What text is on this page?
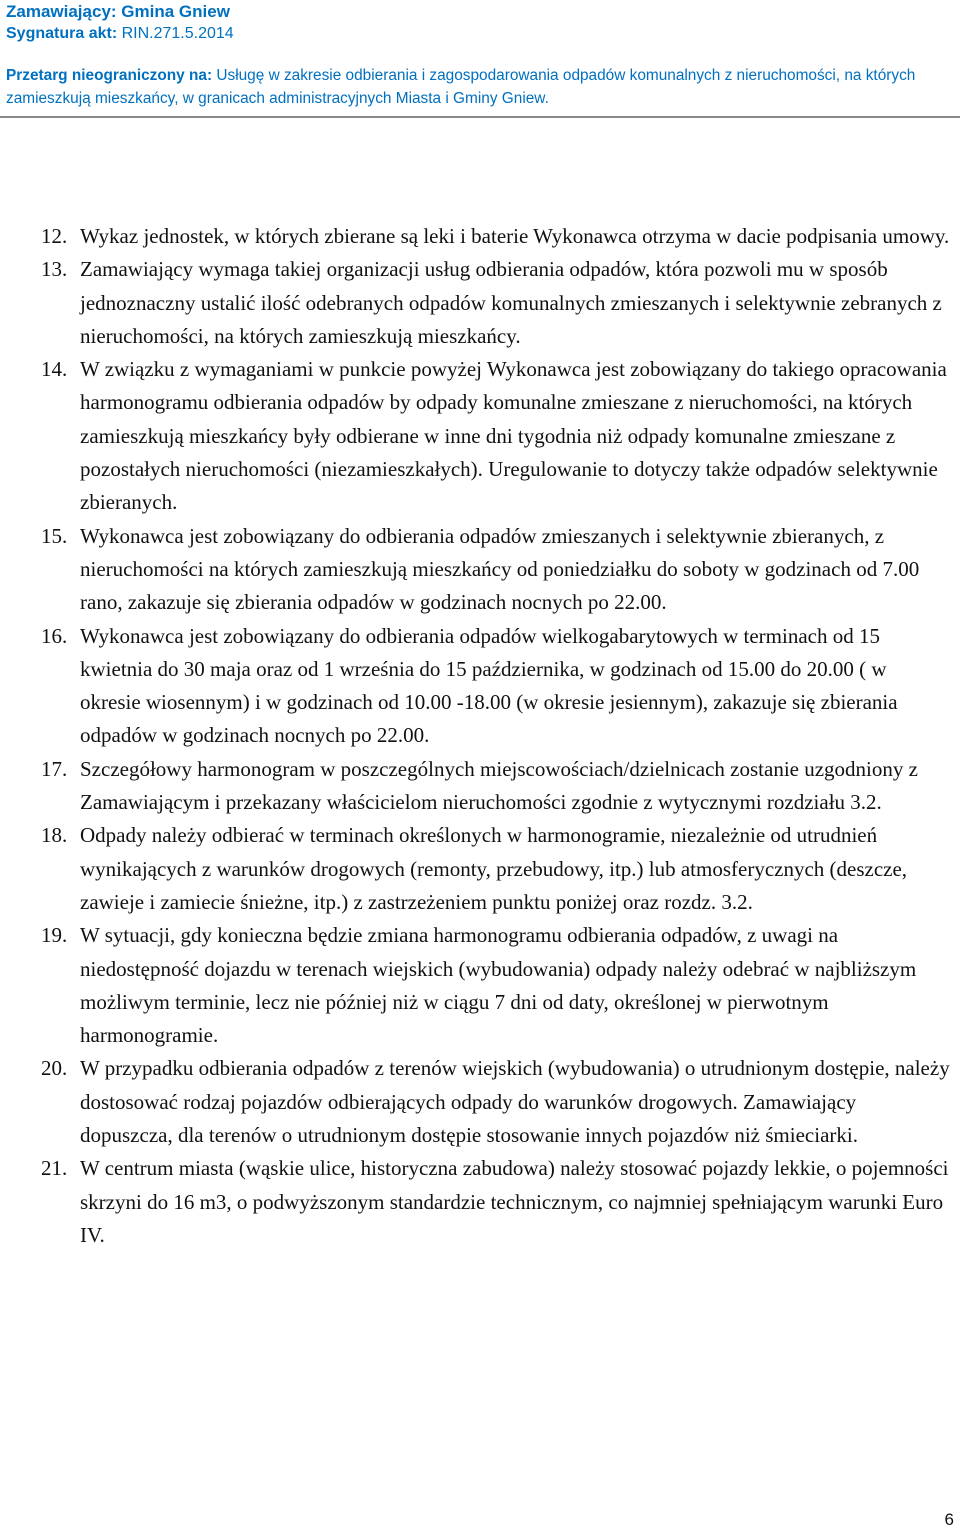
Zamawiający: Gmina Gniew
Sygnatura akt: RIN.271.5.2014
Przetarg nieograniczony na: Usługę w zakresie odbierania i zagospodarowania odpadów komunalnych z nieruchomości, na których zamieszkują mieszkańcy, w granicach administracyjnych Miasta i Gminy Gniew.
12. Wykaz jednostek, w których zbierane są leki i baterie Wykonawca otrzyma w dacie podpisania umowy.
13. Zamawiający wymaga takiej organizacji usług odbierania odpadów, która pozwoli mu w sposób jednoznaczny ustalić ilość odebranych odpadów komunalnych zmieszanych i selektywnie zebranych z nieruchomości, na których zamieszkują mieszkańcy.
14. W związku z wymaganiami w punkcie powyżej Wykonawca jest zobowiązany do takiego opracowania harmonogramu odbierania odpadów by odpady komunalne zmieszane z nieruchomości, na których zamieszkują mieszkańcy były odbierane w inne dni tygodnia niż odpady komunalne zmieszane z pozostałych nieruchomości (niezamieszkałych). Uregulowanie to dotyczy także odpadów selektywnie zbieranych.
15. Wykonawca jest zobowiązany do odbierania odpadów zmieszanych i selektywnie zbieranych, z nieruchomości na których zamieszkują mieszkańcy od poniedziałku do soboty w godzinach od 7.00 rano, zakazuje się zbierania odpadów w godzinach nocnych po 22.00.
16. Wykonawca jest zobowiązany do odbierania odpadów wielkogabarytowych w terminach od 15 kwietnia do 30 maja oraz od 1 września do 15 października, w godzinach od 15.00 do 20.00 ( w okresie wiosennym) i w godzinach od 10.00 -18.00 (w okresie jesiennym), zakazuje się zbierania odpadów w godzinach nocnych po 22.00.
17. Szczegółowy harmonogram w poszczególnych miejscowościach/dzielnicach zostanie uzgodniony z Zamawiającym i przekazany właścicielom nieruchomości zgodnie z wytycznymi rozdziału 3.2.
18. Odpady należy odbierać w terminach określonych w harmonogramie, niezależnie od utrudnień wynikających z warunków drogowych (remonty, przebudowy, itp.) lub atmosferycznych (deszcze, zawieje i zamiecie śnieżne, itp.) z zastrzeżeniem punktu poniżej oraz rozdz. 3.2.
19. W sytuacji, gdy konieczna będzie zmiana harmonogramu odbierania odpadów, z uwagi na niedostępność dojazdu w terenach wiejskich (wybudowania) odpady należy odebrać w najbliższym możliwym terminie, lecz nie później niż w ciągu 7 dni od daty, określonej w pierwotnym harmonogramie.
20. W przypadku odbierania odpadów z terenów wiejskich (wybudowania) o utrudnionym dostępie, należy dostosować rodzaj pojazdów odbierających odpady do warunków drogowych. Zamawiający dopuszcza, dla terenów o utrudnionym dostępie stosowanie innych pojazdów niż śmieciarki.
21. W centrum miasta (wąskie ulice, historyczna zabudowa) należy stosować pojazdy lekkie, o pojemności skrzyni do 16 m3, o podwyższonym standardzie technicznym, co najmniej spełniającym warunki Euro IV.
6
